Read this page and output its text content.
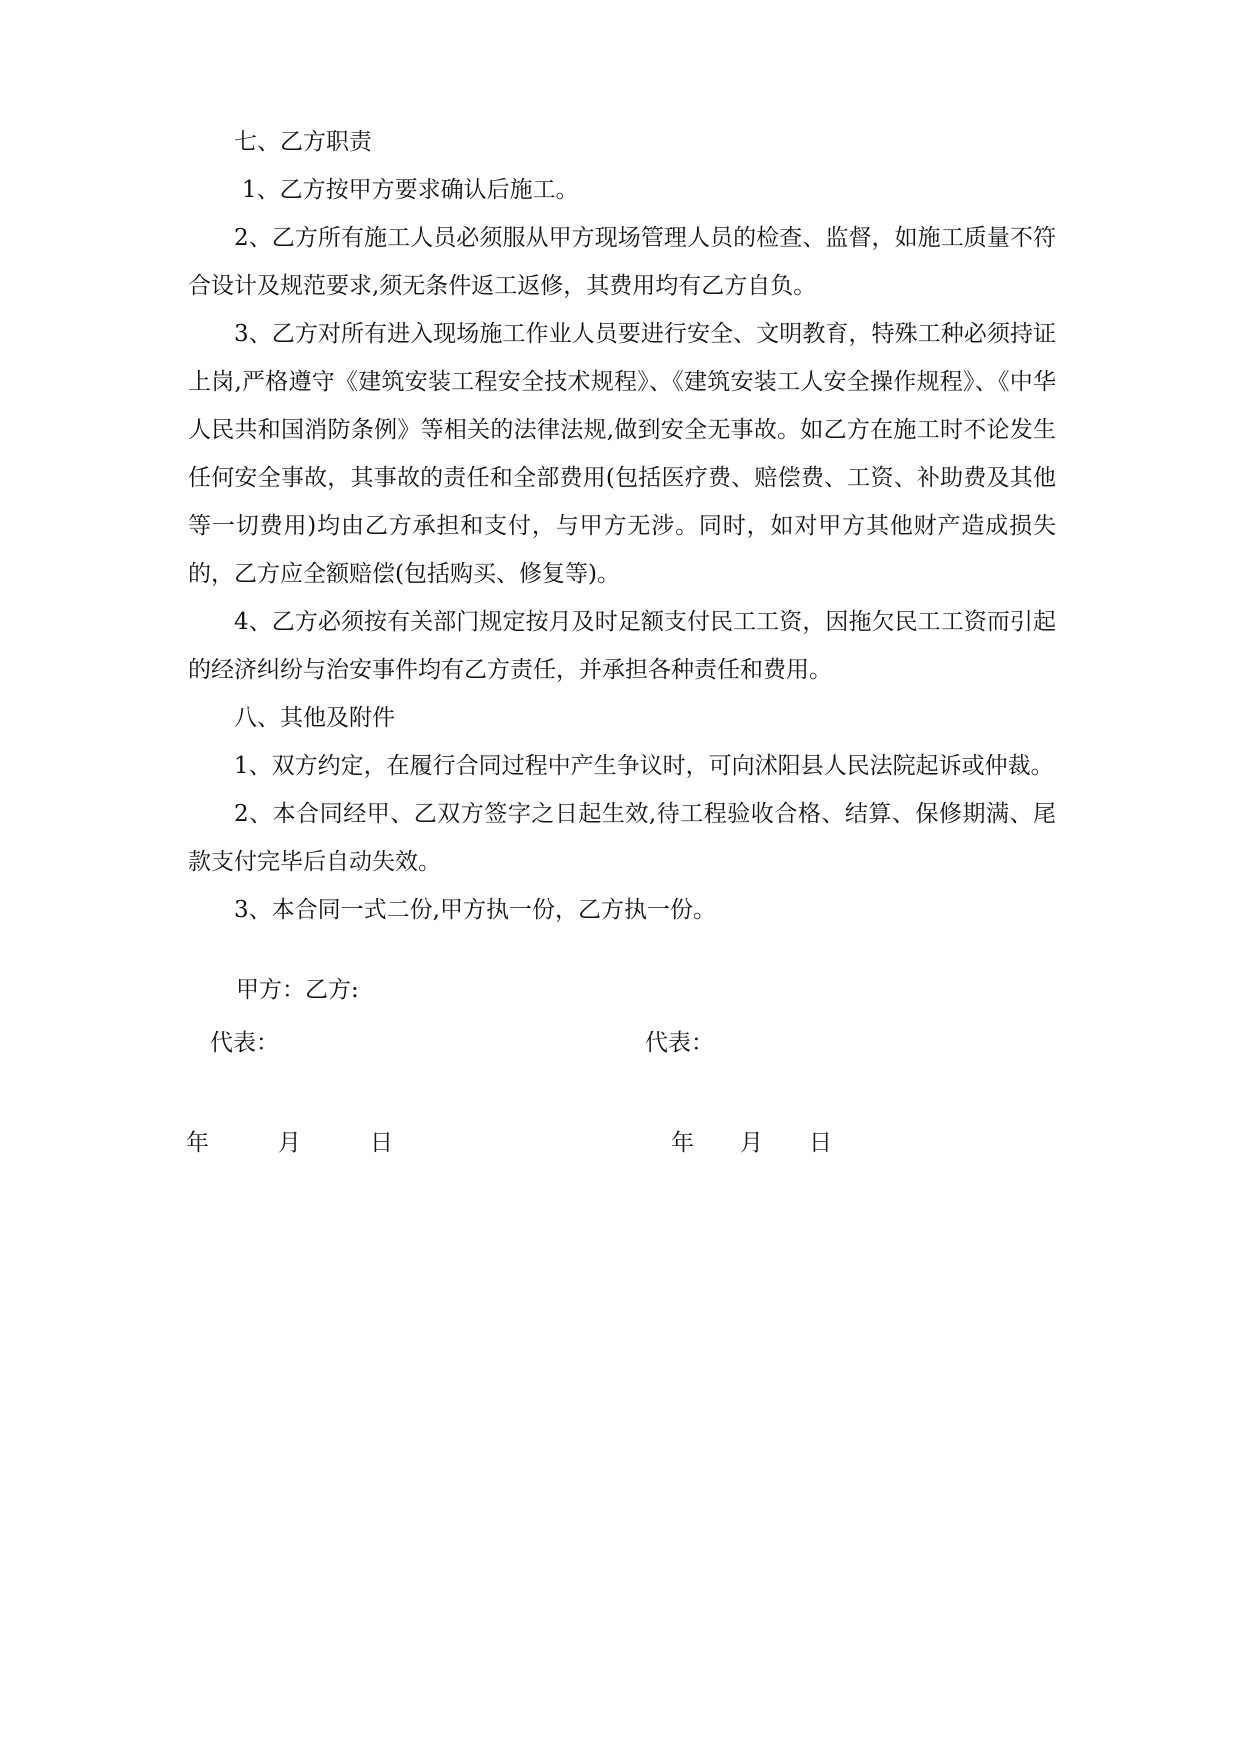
七、乙方职责

1、乙方按甲方要求确认后施工。

2、乙方所有施工人员必须服从甲方现场管理人员的检查、监督，如施工质量不符合设计及规范要求,须无条件返工返修，其费用均有乙方自负。

3、乙方对所有进入现场施工作业人员要进行安全、文明教育，特殊工种必须持证上岗,严格遵守《建筑安装工程安全技术规程》、《建筑安装工人安全操作规程》、《中华人民共和国消防条例》等相关的法律法规,做到安全无事故。如乙方在施工时不论发生任何安全事故，其事故的责任和全部费用(包括医疗费、赔偿费、工资、补助费及其他等一切费用)均由乙方承担和支付，与甲方无涉。同时，如对甲方其他财产造成损失的，乙方应全额赔偿(包括购买、修复等)。

4、乙方必须按有关部门规定按月及时足额支付民工工资，因拖欠民工工资而引起的经济纠纷与治安事件均有乙方责任，并承担各种责任和费用。

八、其他及附件

1、双方约定，在履行合同过程中产生争议时，可向沭阳县人民法院起诉或仲裁。

2、本合同经甲、乙双方签字之日起生效,待工程验收合格、结算、保修期满、尾款支付完毕后自动失效。

3、本合同一式二份,甲方执一份，乙方执一份。

甲方：乙方:
代表：	代表：
年　　　月　　　日	年　　月　　日
